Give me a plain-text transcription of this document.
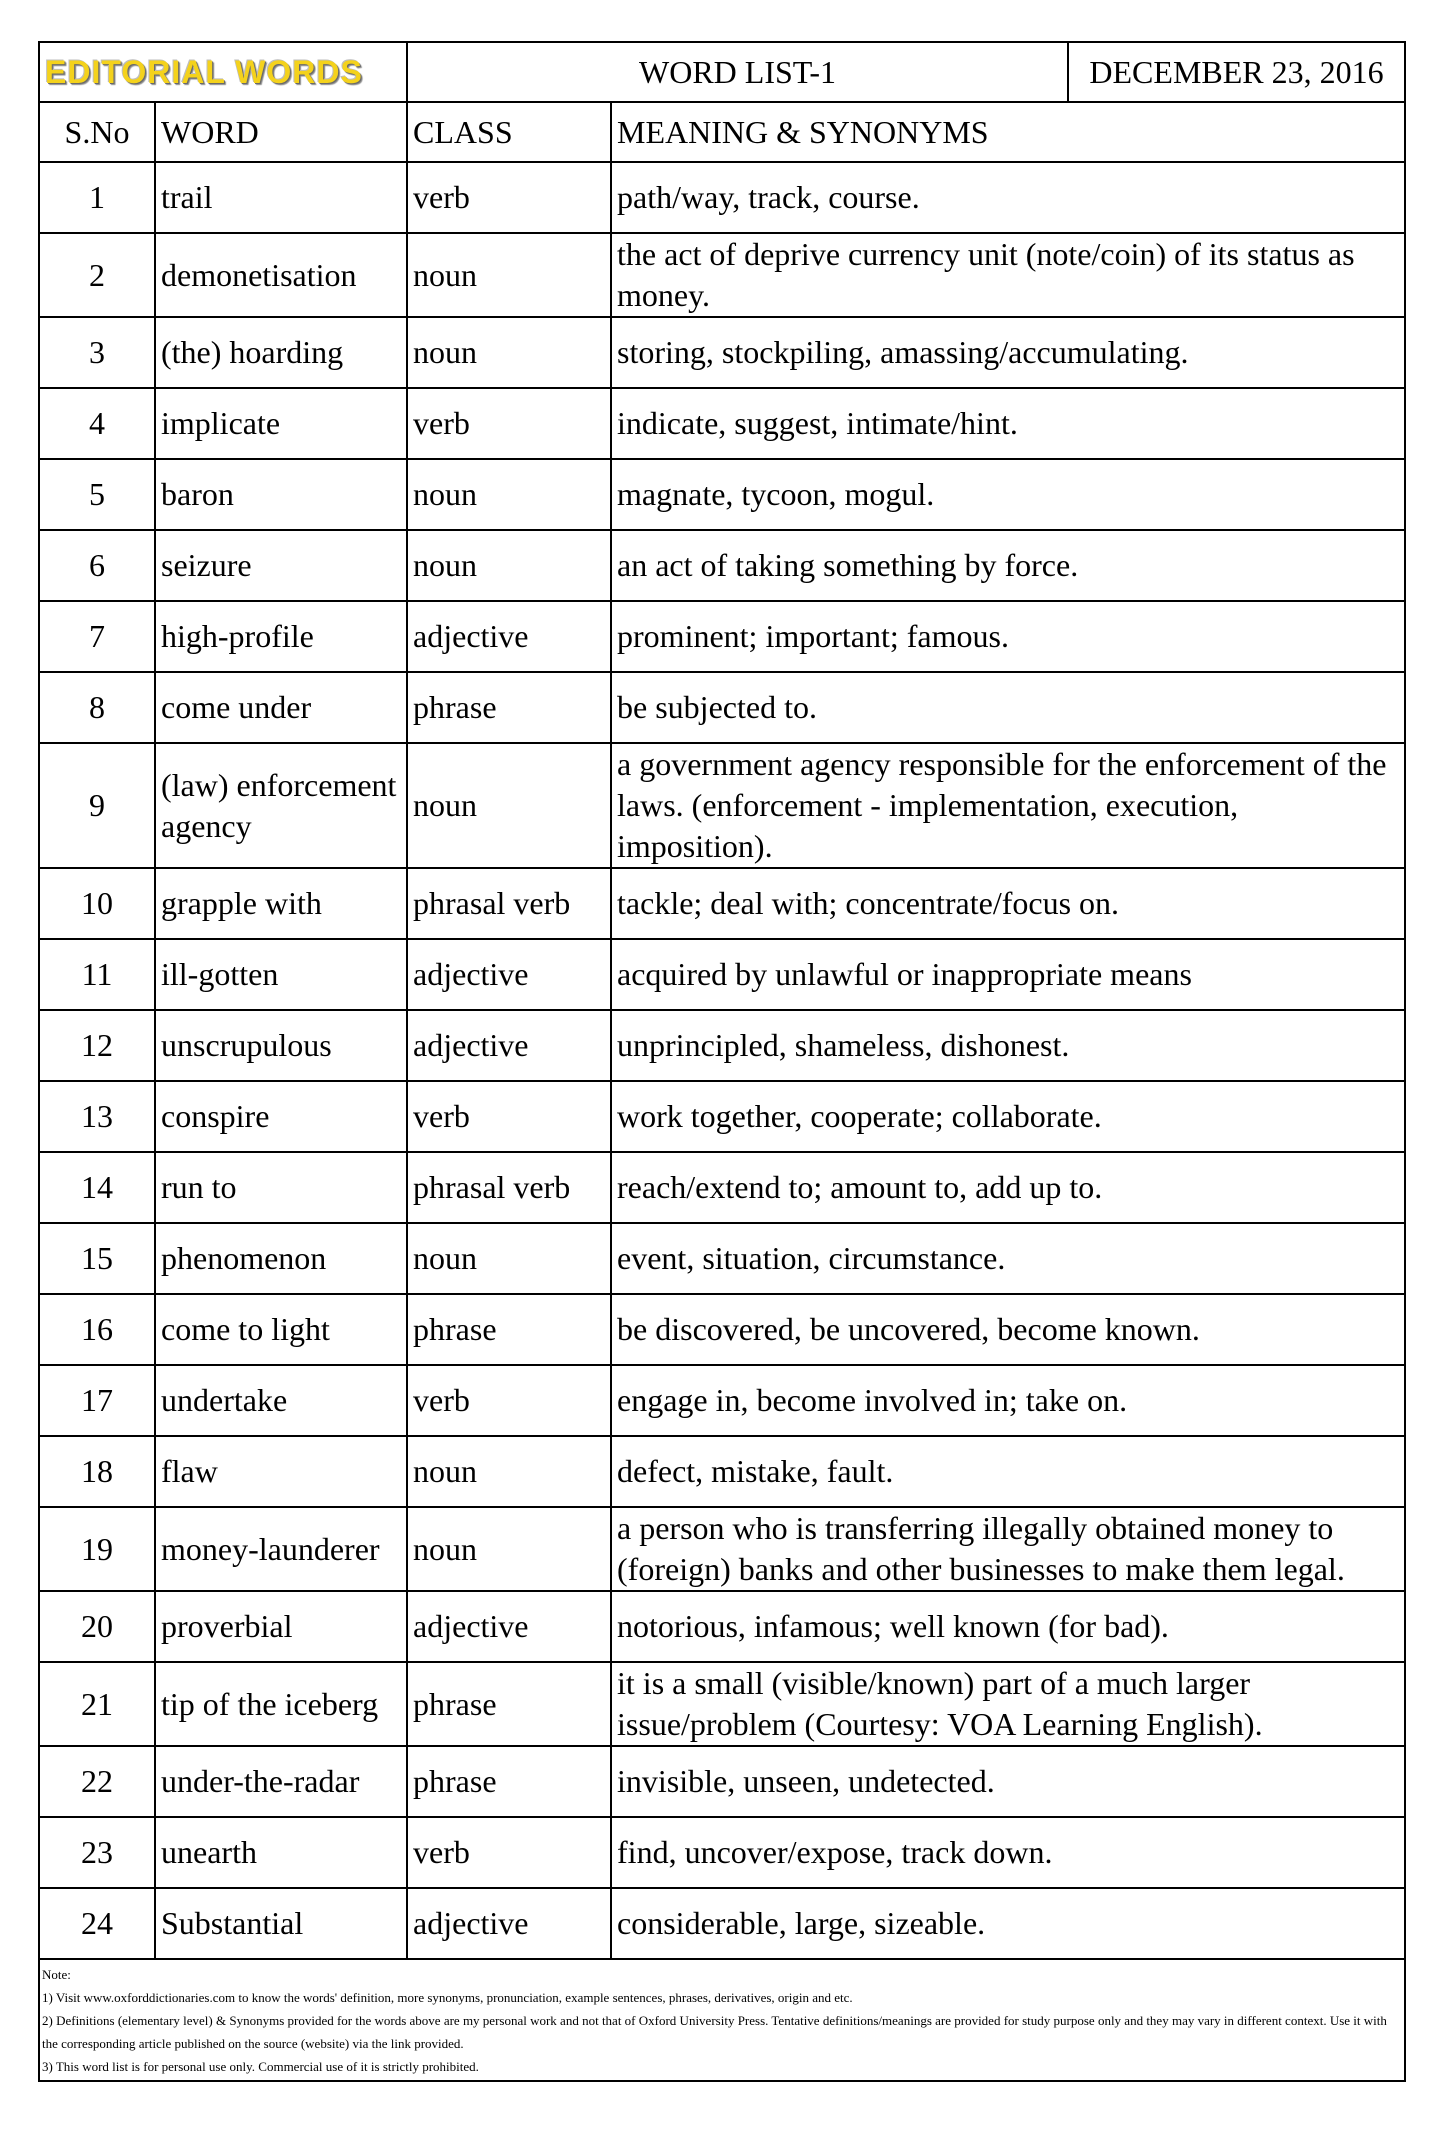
EDITORIAL WORDS		WORD LIST-1		DECEMBER 23, 2016
S.No	WORD	CLASS	MEANING & SYNONYMS	
1	trail	verb	path/way, track, course.	
2	demonetisation	noun	the act of deprive currency unit (note/coin) of its status as money.	
3	(the) hoarding	noun	storing, stockpiling, amassing/accumulating.	
4	implicate	verb	indicate, suggest, intimate/hint.	
5	baron	noun	magnate, tycoon, mogul.	
6	seizure	noun	an act of taking something by force.	
7	high-profile	adjective	prominent; important; famous.	
8	come under	phrase	be subjected to.	
9	(law) enforcement agency	noun	a government agency responsible for the enforcement of the laws. (enforcement - implementation, execution, imposition).	
10	grapple with	phrasal verb	tackle; deal with; concentrate/focus on.	
11	ill-gotten	adjective	acquired by unlawful or inappropriate means	
12	unscrupulous	adjective	unprincipled, shameless, dishonest.	
13	conspire	verb	work together, cooperate; collaborate.	
14	run to	phrasal verb	reach/extend to; amount to, add up to.	
15	phenomenon	noun	event, situation, circumstance.	
16	come to light	phrase	be discovered, be uncovered, become known.	
17	undertake	verb	engage in, become involved in; take on.	
18	flaw	noun	defect, mistake, fault.	
19	money-launderer	noun	a person who is transferring illegally obtained money to (foreign) banks and other businesses to make them legal.	
20	proverbial	adjective	notorious, infamous; well known (for bad).	
21	tip of the iceberg	phrase	it is a small (visible/known) part of a much larger issue/problem (Courtesy: VOA Learning English).	
22	under-the-radar	phrase	invisible, unseen, undetected.	
23	unearth	verb	find, uncover/expose, track down.	
24	Substantial	adjective	considerable, large, sizeable.	

Note:
1) Visit www.oxforddictionaries.com to know the words' definition, more synonyms, pronunciation, example sentences, phrases, derivatives, origin and etc.
2) Definitions (elementary level) & Synonyms provided for the words above are my personal work and not that of Oxford University Press. Tentative definitions/meanings are provided for study purpose only and they may vary in different context. Use it with the corresponding article published on the source (website) via the link provided.
3) This word list is for personal use only. Commercial use of it is strictly prohibited.				
